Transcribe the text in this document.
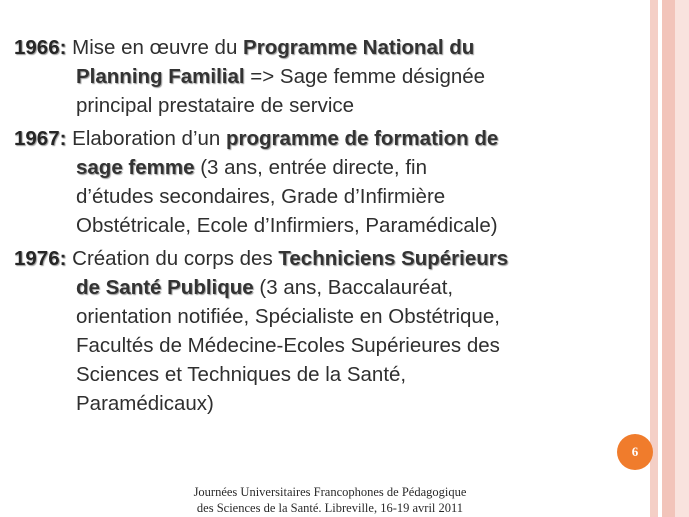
1966: Mise en œuvre du Programme National du
Planning Familial => Sage femme désignée
principal prestataire de service
1967: Elaboration d’un programme de formation de
sage femme (3 ans, entrée directe, fin
d’études secondaires, Grade d’Infirmière
Obstétricale, Ecole d’Infirmiers, Paramédicale)
1976: Création du corps des Techniciens Supérieurs
de Santé Publique (3 ans, Baccalauréat,
orientation notifiée, Spécialiste en Obstétrique,
Facultés de Médecine-Ecoles Supérieures des
Sciences et Techniques de la Santé,
Paramédicaux)
6
Journées Universitaires Francophones de Pédagogique
des Sciences de la Santé. Libreville, 16-19 avril 2011
